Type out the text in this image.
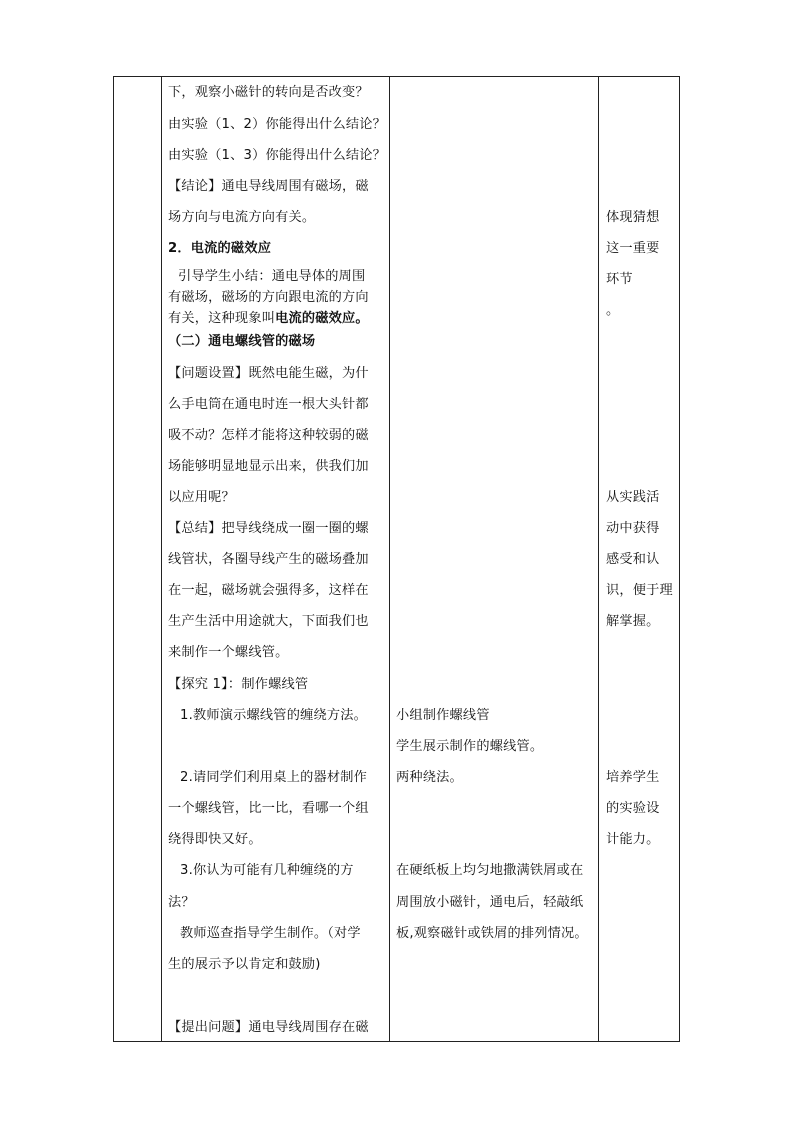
下，观察小磁针的转向是否改变？
由实验（1、2）你能得出什么结论？
由实验（1、3）你能得出什么结论？
【结论】通电导线周围有磁场，磁
场方向与电流方向有关。
2．电流的磁效应
引导学生小结：通电导体的周围
有磁场，磁场的方向跟电流的方向
有关，这种现象叫电流的磁效应。
（二）通电螺线管的磁场
【问题设置】既然电能生磁，为什
么手电筒在通电时连一根大头针都
吸不动？怎样才能将这种较弱的磁
场能够明显地显示出来，供我们加
以应用呢？
【总结】把导线绕成一圈一圈的螺
线管状，各圈导线产生的磁场叠加
在一起，磁场就会强得多，这样在
生产生活中用途就大，下面我们也
来制作一个螺线管。
【探究 1】：制作螺线管
1.教师演示螺线管的缠绕方法。
2.请同学们利用桌上的器材制作
一个螺线管，比一比，看哪一个组
绕得即快又好。
3.你认为可能有几种缠绕的方
法？
教师巡查指导学生制作。（对学
生的展示予以肯定和鼓励)
【提出问题】通电导线周围存在磁
小组制作螺线管
学生展示制作的螺线管。
两种绕法。
在硬纸板上均匀地撒满铁屑或在
周围放小磁针，通电后，轻敲纸
板,观察磁针或铁屑的排列情况。
体现猜想
这一重要
环节
。
从实践活
动中获得
感受和认
识，便于理
解掌握。
培养学生
的实验设
计能力。
